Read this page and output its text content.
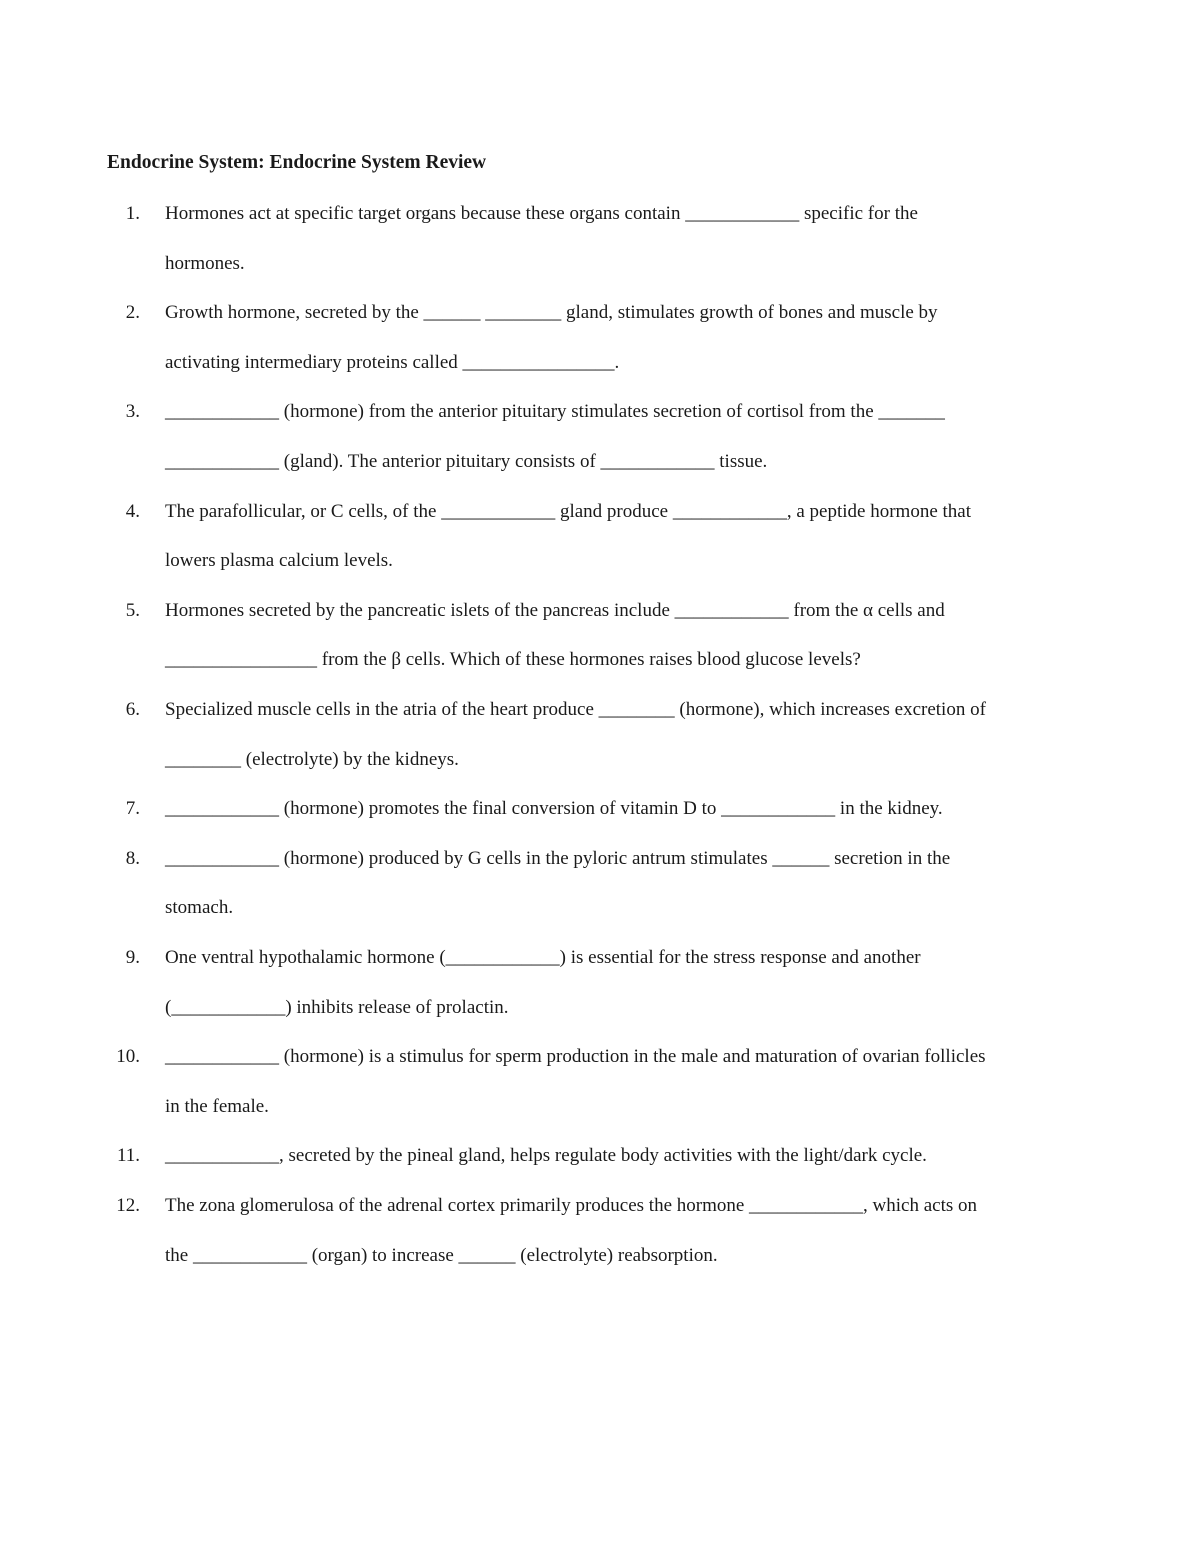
Endocrine System: Endocrine System Review
1. Hormones act at specific target organs because these organs contain ____________ specific for the
hormones.
2. Growth hormone, secreted by the ______ ________ gland, stimulates growth of bones and muscle by
activating intermediary proteins called ________________.
3. ____________ (hormone) from the anterior pituitary stimulates secretion of cortisol from the _______
____________ (gland). The anterior pituitary consists of ____________ tissue.
4. The parafollicular, or C cells, of the ____________ gland produce ____________, a peptide hormone that
lowers plasma calcium levels.
5. Hormones secreted by the pancreatic islets of the pancreas include ____________ from the α cells and
________________ from the β cells. Which of these hormones raises blood glucose levels?
6. Specialized muscle cells in the atria of the heart produce ________ (hormone), which increases excretion of
________ (electrolyte) by the kidneys.
7. ____________ (hormone) promotes the final conversion of vitamin D to ____________ in the kidney.
8. ____________ (hormone) produced by G cells in the pyloric antrum stimulates ______ secretion in the
stomach.
9. One ventral hypothalamic hormone (____________) is essential for the stress response and another
(____________) inhibits release of prolactin.
10. ____________ (hormone) is a stimulus for sperm production in the male and maturation of ovarian follicles
in the female.
11. ____________, secreted by the pineal gland, helps regulate body activities with the light/dark cycle.
12. The zona glomerulosa of the adrenal cortex primarily produces the hormone ____________, which acts on
the ____________ (organ) to increase ______ (electrolyte) reabsorption.
